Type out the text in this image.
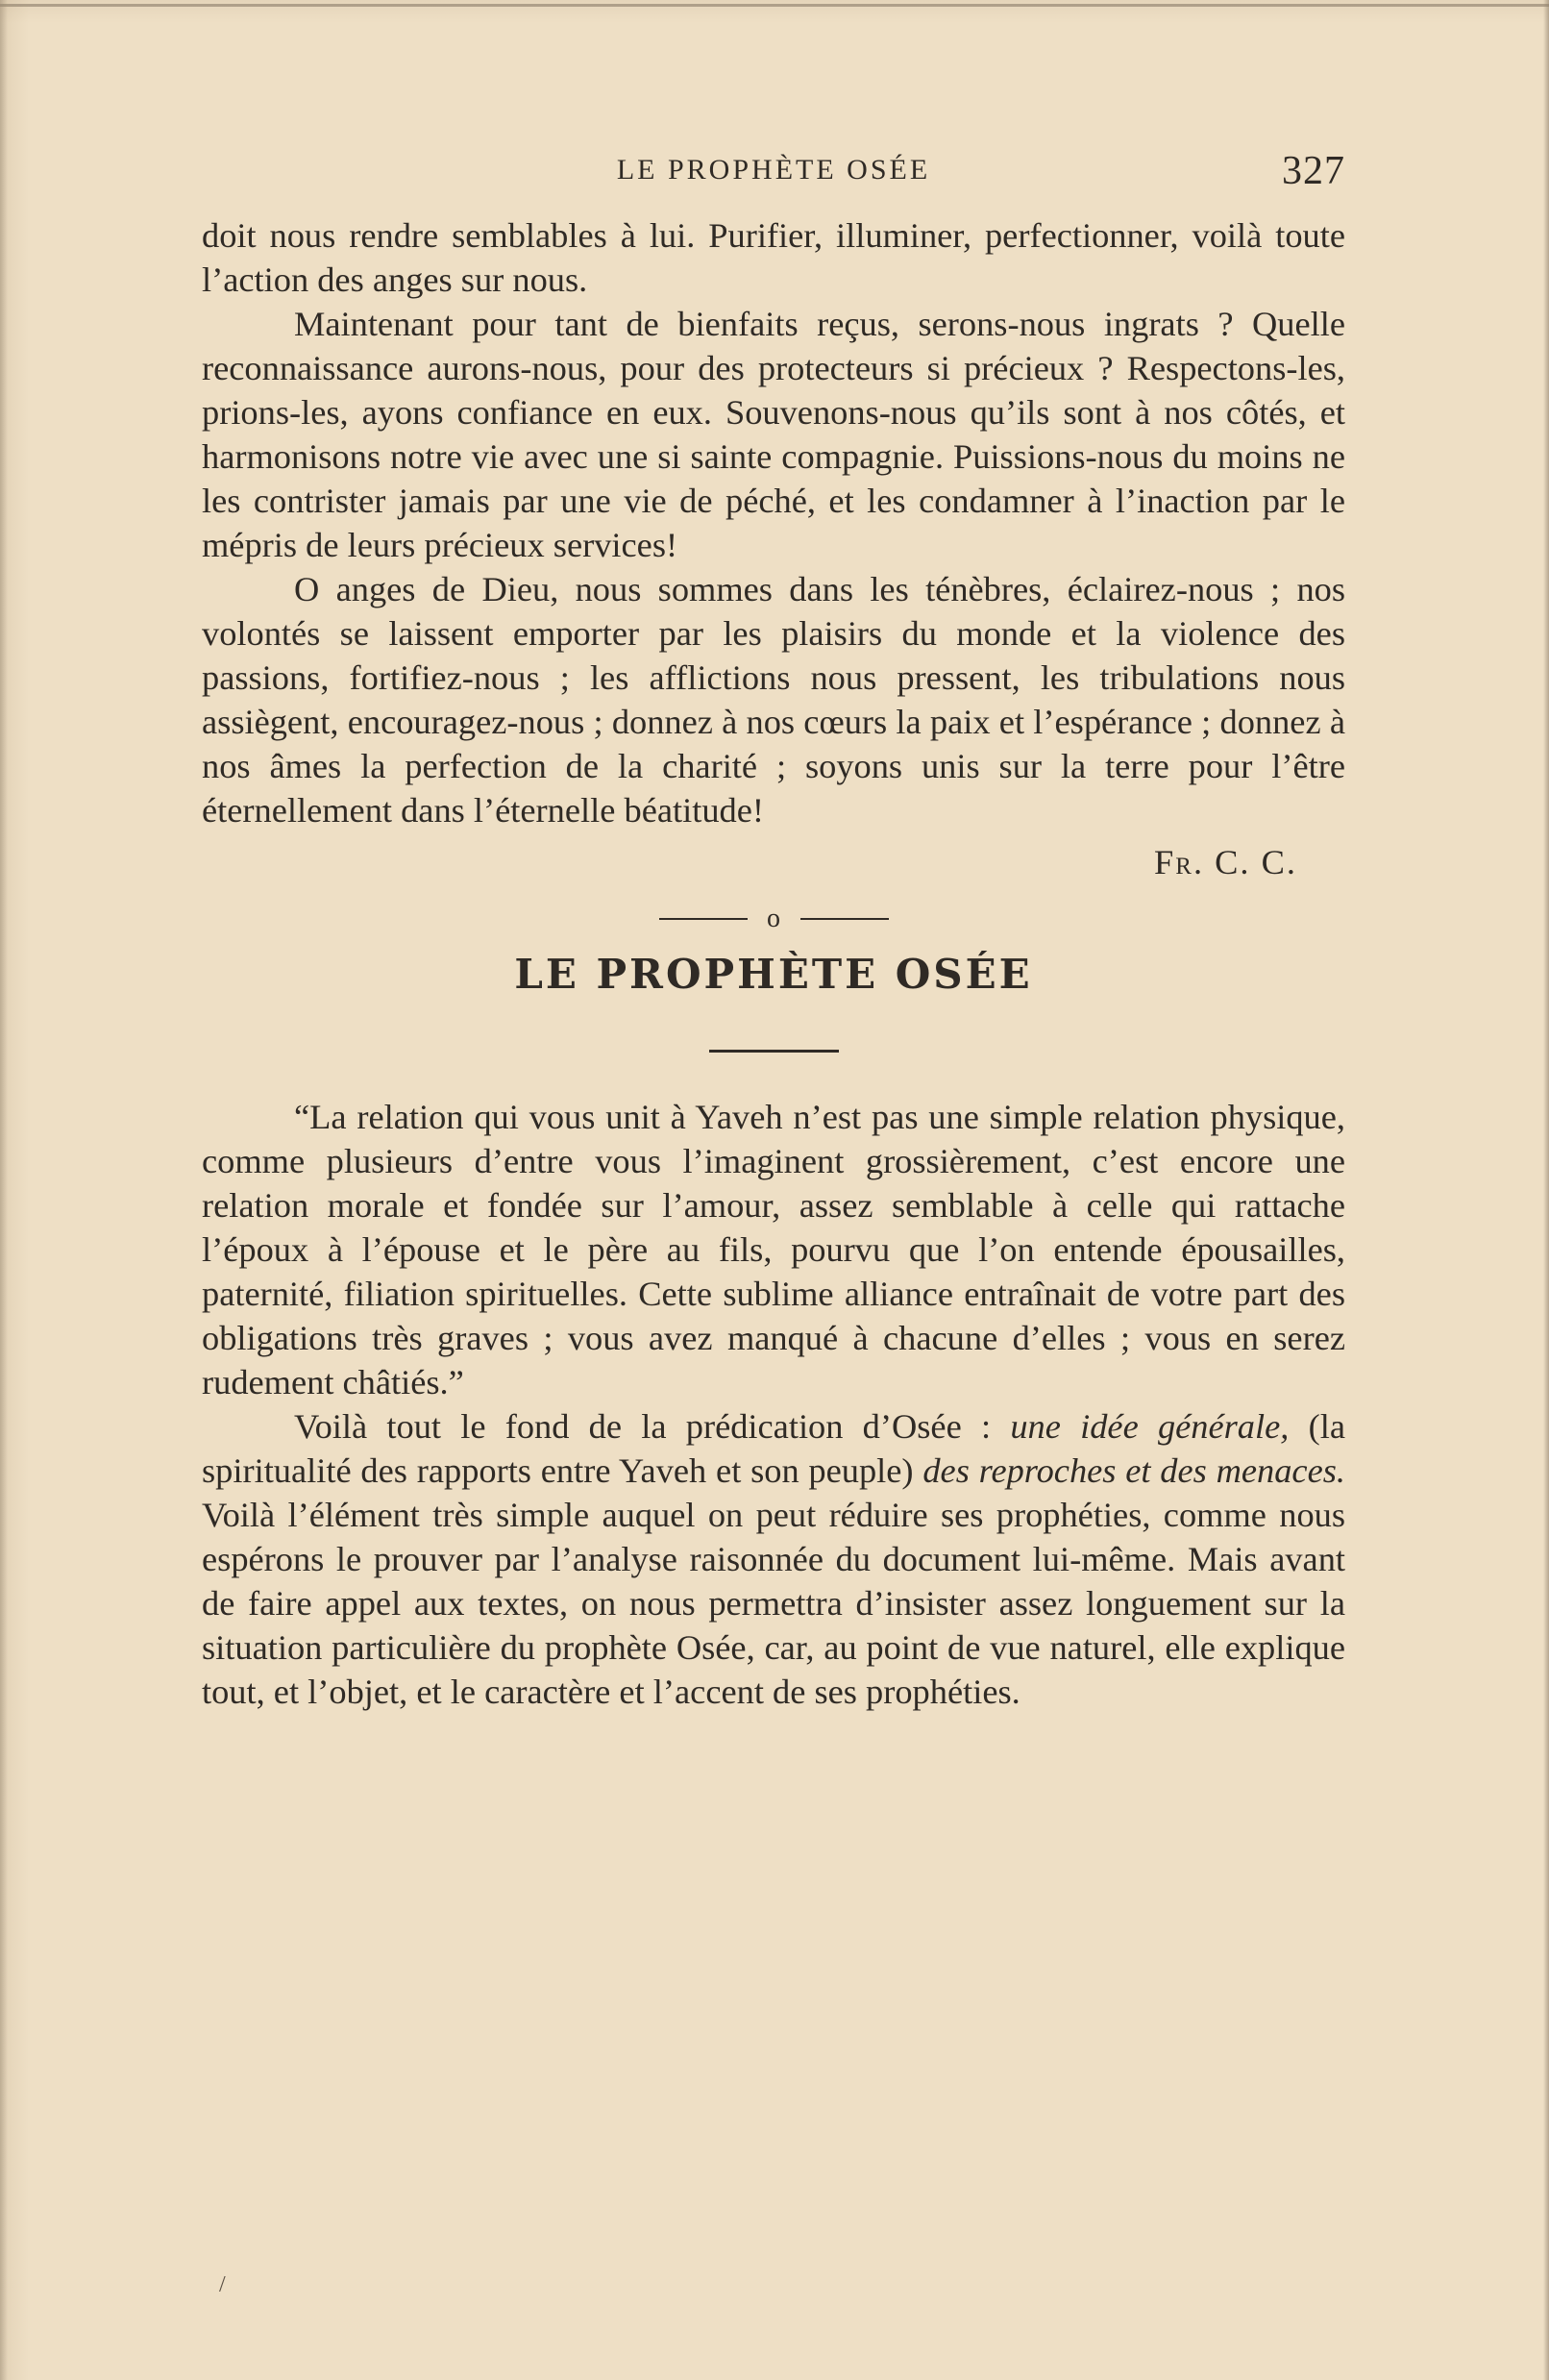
LE PROPHÈTE OSÉE	327

doit nous rendre semblables à lui. Purifier, illuminer, perfectionner, voilà toute l’action des anges sur nous.

Maintenant pour tant de bienfaits reçus, serons-nous ingrats ? Quelle reconnaissance aurons-nous, pour des protecteurs si précieux ? Respectons-les, prions-les, ayons confiance en eux. Souvenons-nous qu’ils sont à nos côtés, et harmonisons notre vie avec une si sainte compagnie. Puissions-nous du moins ne les contrister jamais par une vie de péché, et les condamner à l’inaction par le mépris de leurs précieux services!

O anges de Dieu, nous sommes dans les ténèbres, éclairez-nous ; nos volontés se laissent emporter par les plaisirs du monde et la violence des passions, fortifiez-nous ; les afflictions nous pressent, les tribulations nous assiègent, encouragez-nous ; donnez à nos cœurs la paix et l’espérance ; donnez à nos âmes la perfection de la charité ; soyons unis sur la terre pour l’être éternellement dans l’éternelle béatitude!

Fr. C. C.
o
LE PROPHÈTE OSÉE

“La relation qui vous unit à Yaveh n’est pas une simple relation physique, comme plusieurs d’entre vous l’imaginent grossièrement, c’est encore une relation morale et fondée sur l’amour, assez semblable à celle qui rattache l’époux à l’épouse et le père au fils, pourvu que l’on entende épousailles, paternité, filiation spirituelles. Cette sublime alliance entraînait de votre part des obligations très graves ; vous avez manqué à chacune d’elles ; vous en serez rudement châtiés.”

Voilà tout le fond de la prédication d’Osée : une idée générale, (la spiritualité des rapports entre Yaveh et son peuple) des reproches et des menaces. Voilà l’élément très simple auquel on peut réduire ses prophéties, comme nous espérons le prouver par l’analyse raisonnée du document lui-même. Mais avant de faire appel aux textes, on nous permettra d’insister assez longuement sur la situation particulière du prophète Osée, car, au point de vue naturel, elle explique tout, et l’objet, et le caractère et l’accent de ses prophéties.

/
